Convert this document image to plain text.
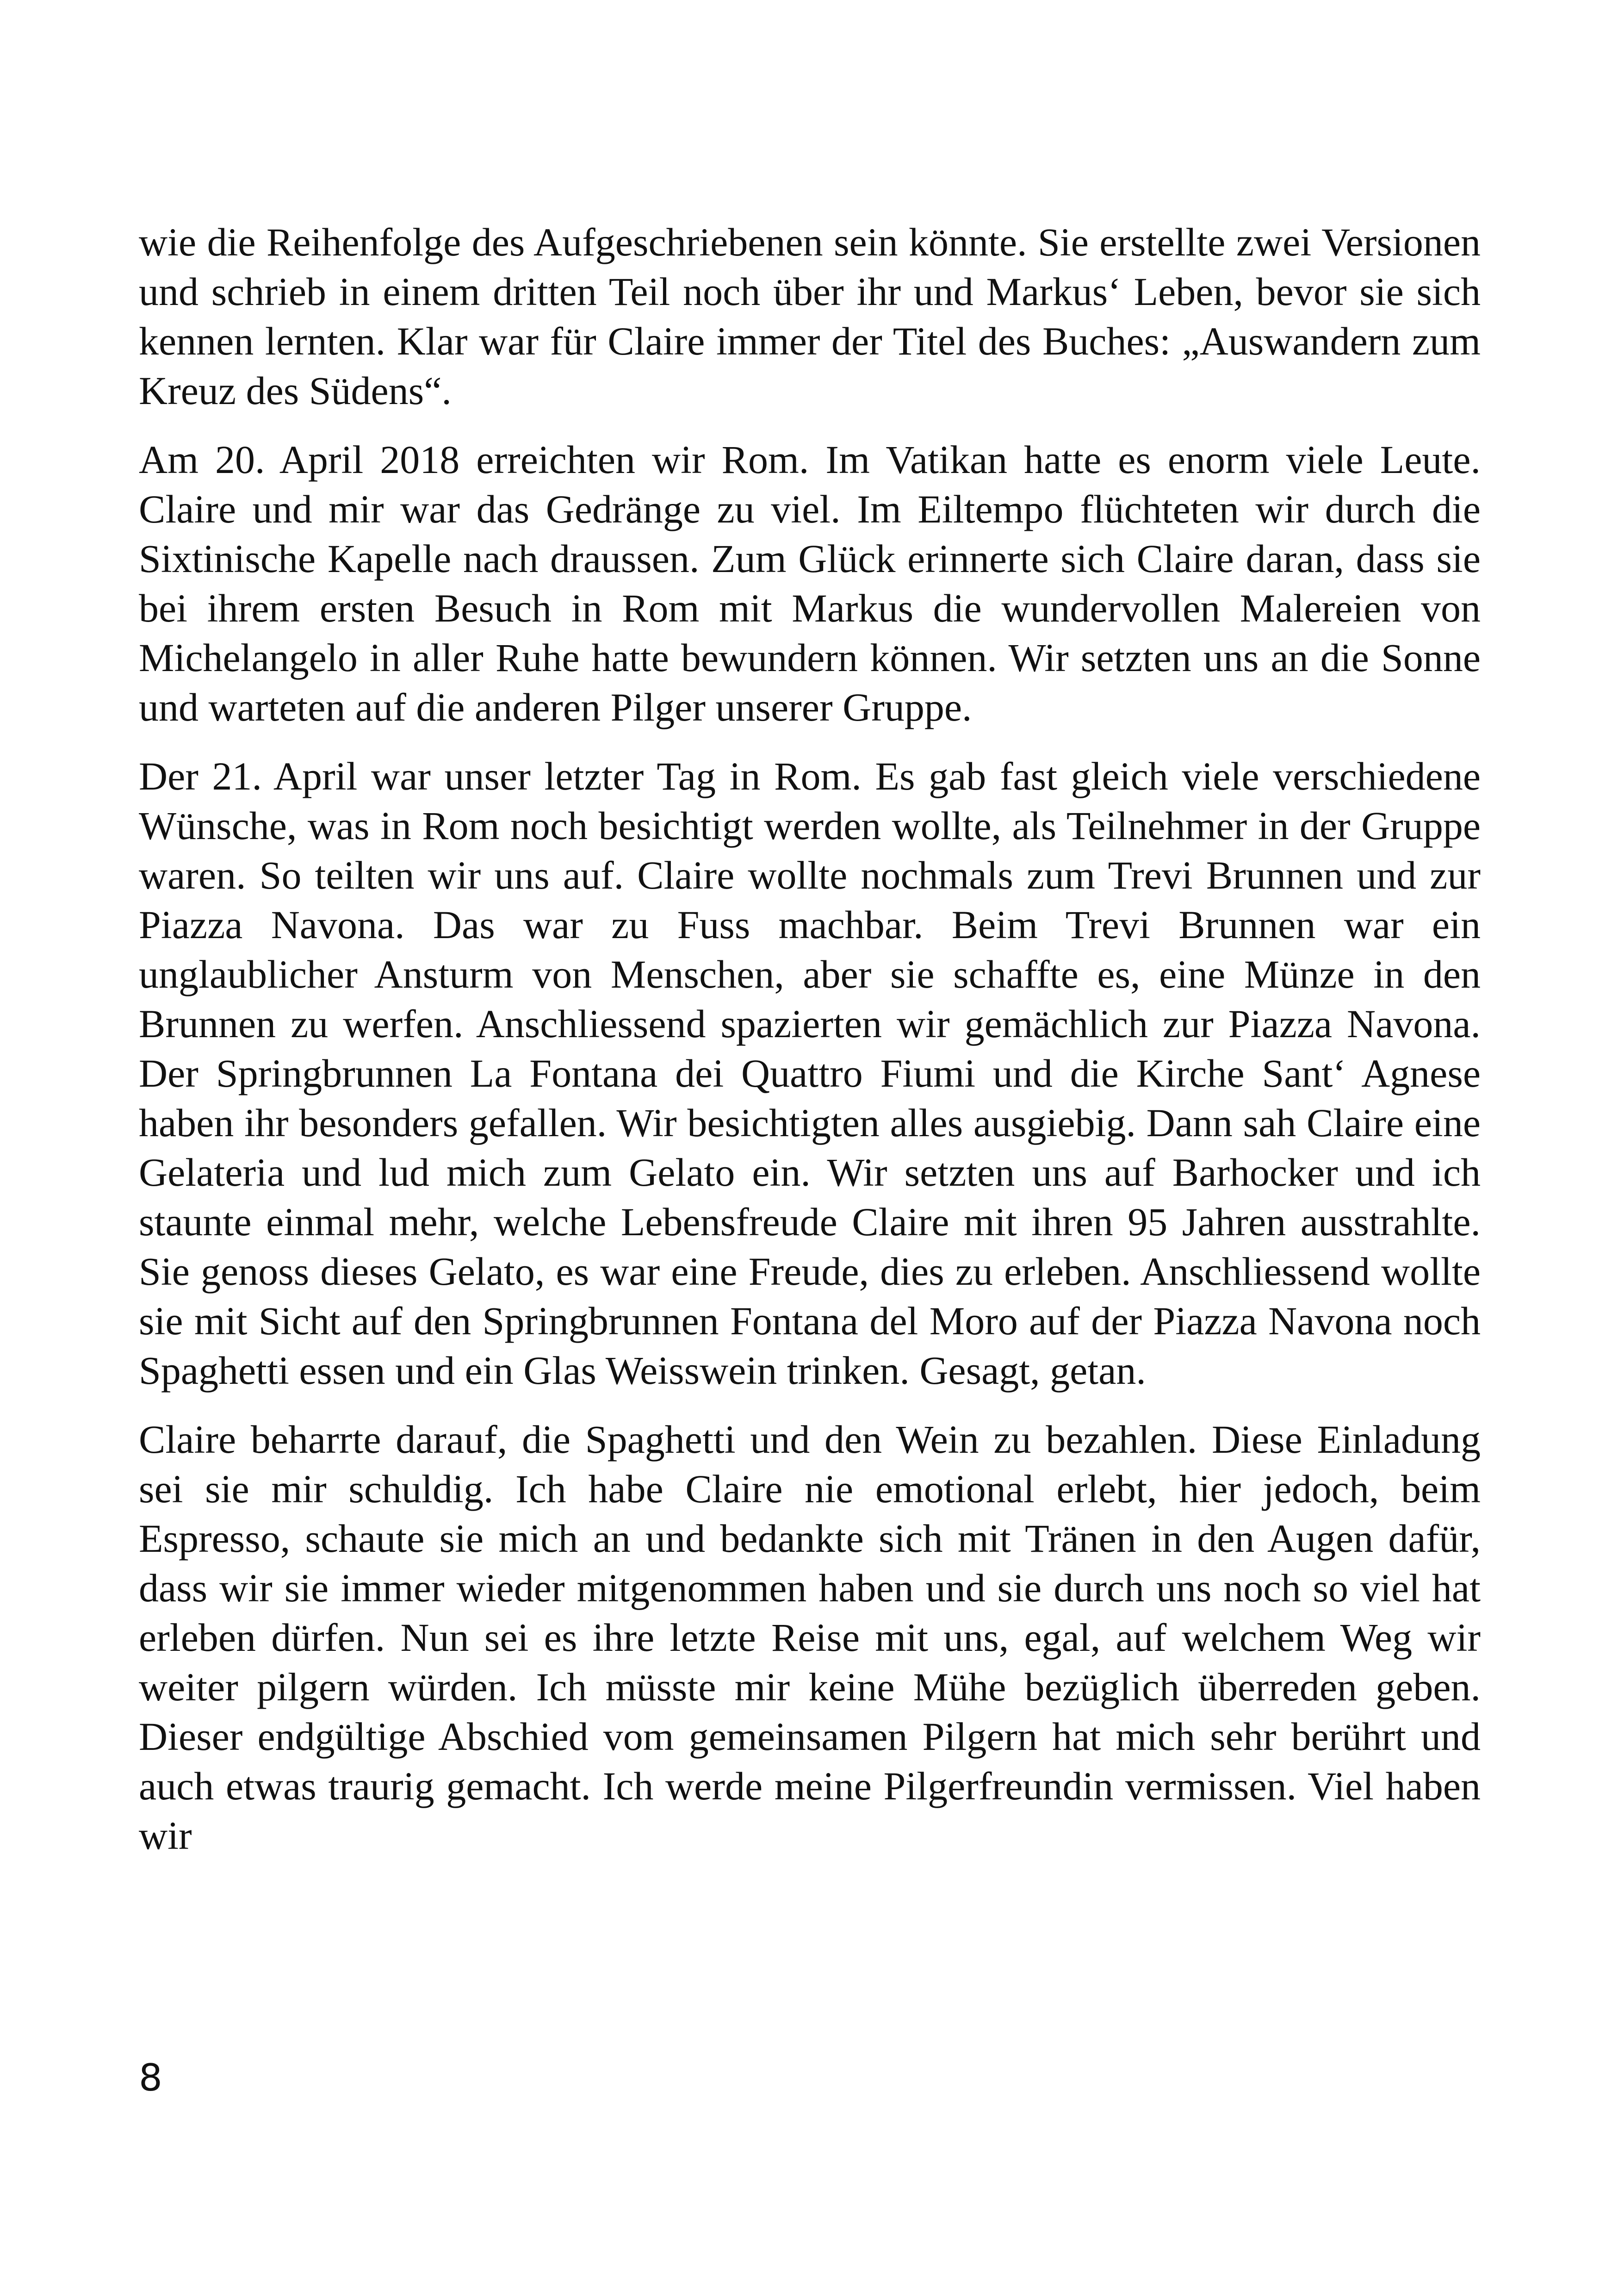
wie die Reihenfolge des Aufgeschriebenen sein könnte. Sie erstellte zwei Versionen und schrieb in einem dritten Teil noch über ihr und Markus‘ Leben, bevor sie sich kennen lernten. Klar war für Claire immer der Titel des Buches: „Auswandern zum Kreuz des Südens“.

Am 20. April 2018 erreichten wir Rom. Im Vatikan hatte es enorm viele Leute. Claire und mir war das Gedränge zu viel. Im Eiltempo flüchteten wir durch die Sixtinische Kapelle nach draussen. Zum Glück erinnerte sich Claire daran, dass sie bei ihrem ersten Besuch in Rom mit Markus die wundervollen Malereien von Michelangelo in aller Ruhe hatte bewundern können. Wir setzten uns an die Sonne und warteten auf die anderen Pilger unserer Gruppe.

Der 21. April war unser letzter Tag in Rom. Es gab fast gleich viele verschiedene Wünsche, was in Rom noch besichtigt werden wollte, als Teilnehmer in der Gruppe waren. So teilten wir uns auf. Claire wollte nochmals zum Trevi Brunnen und zur Piazza Navona. Das war zu Fuss machbar. Beim Trevi Brunnen war ein unglaublicher Ansturm von Menschen, aber sie schaffte es, eine Münze in den Brunnen zu werfen. Anschliessend spazierten wir gemächlich zur Piazza Navona. Der Springbrunnen La Fontana dei Quattro Fiumi und die Kirche Sant‘ Agnese haben ihr besonders gefallen. Wir besichtigten alles ausgiebig. Dann sah Claire eine Gelateria und lud mich zum Gelato ein. Wir setzten uns auf Barhocker und ich staunte einmal mehr, welche Lebensfreude Claire mit ihren 95 Jahren ausstrahlte. Sie genoss dieses Gelato, es war eine Freude, dies zu erleben. Anschliessend wollte sie mit Sicht auf den Springbrunnen Fontana del Moro auf der Piazza Navona noch Spaghetti essen und ein Glas Weisswein trinken. Gesagt, getan.

Claire beharrte darauf, die Spaghetti und den Wein zu bezahlen. Diese Einladung sei sie mir schuldig. Ich habe Claire nie emotional erlebt, hier jedoch, beim Espresso, schaute sie mich an und bedankte sich mit Tränen in den Augen dafür, dass wir sie immer wieder mitgenommen haben und sie durch uns noch so viel hat erleben dürfen. Nun sei es ihre letzte Reise mit uns, egal, auf welchem Weg wir weiter pilgern würden. Ich müsste mir keine Mühe bezüglich überreden geben. Dieser endgültige Abschied vom gemeinsamen Pilgern hat mich sehr berührt und auch etwas traurig gemacht. Ich werde meine Pilgerfreundin vermissen. Viel haben wir

8
